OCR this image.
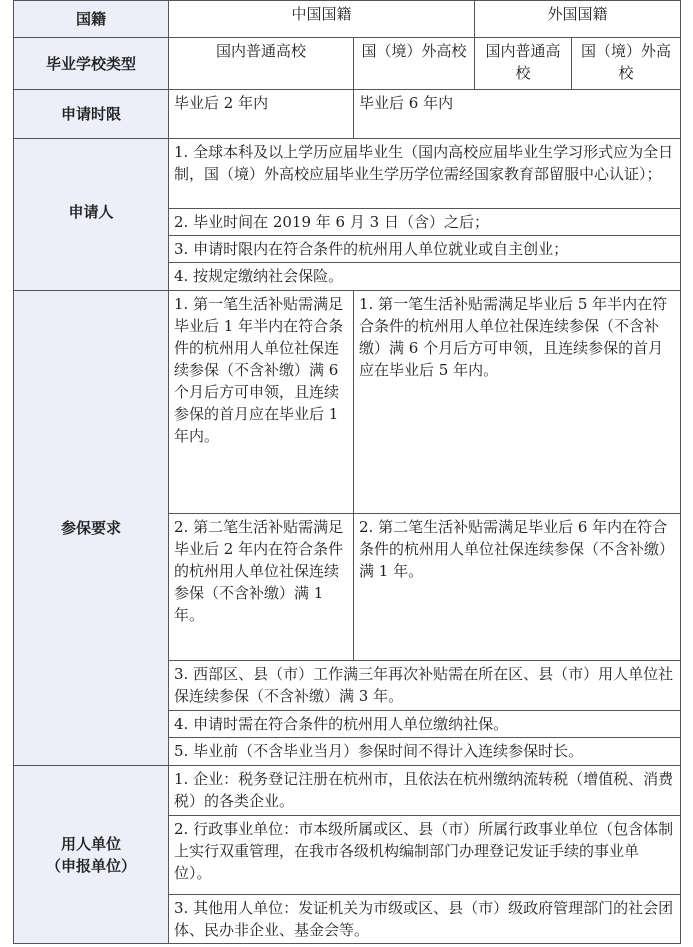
国籍	中国国籍		外国国籍	
毕业学校类型	国内普通高校	国（境）外高校	国内普通高校	国（境）外高校
申请时限	毕业后 2 年内	毕业后 6 年内		
申请人	1. 全球本科及以上学历应届毕业生（国内高校应届毕业生学习形式应为全日制，国（境）外高校应届毕业生学历学位需经国家教育部留服中心认证）；			
	2. 毕业时间在 2019 年 6 月 3 日（含）之后；			
	3. 申请时限内在符合条件的杭州用人单位就业或自主创业；			
	4. 按规定缴纳社会保险。			
参保要求	1. 第一笔生活补贴需满足毕业后 1 年半内在符合条件的杭州用人单位社保连续参保（不含补缴）满 6 个月后方可申领，且连续参保的首月应在毕业后 1 年内。	1. 第一笔生活补贴需满足毕业后 5 年半内在符合条件的杭州用人单位社保连续参保（不含补缴）满 6 个月后方可申领，且连续参保的首月应在毕业后 5 年内。		
	2. 第二笔生活补贴需满足毕业后 2 年内在符合条件的杭州用人单位社保连续参保（不含补缴）满 1 年。	2. 第二笔生活补贴需满足毕业后 6 年内在符合条件的杭州用人单位社保连续参保（不含补缴）满 1 年。		
	3. 西部区、县（市）工作满三年再次补贴需在所在区、县（市）用人单位社保连续参保（不含补缴）满 3 年。			
	4. 申请时需在符合条件的杭州用人单位缴纳社保。			
	5. 毕业前（不含毕业当月）参保时间不得计入连续参保时长。			

用人单位
（申报单位）	1. 企业：税务登记注册在杭州市，且依法在杭州缴纳流转税（增值税、消费税）的各类企业。			
	2. 行政事业单位：市本级所属或区、县（市）所属行政事业单位（包含体制上实行双重管理，在我市各级机构编制部门办理登记发证手续的事业单位）。			
	3. 其他用人单位：发证机关为市级或区、县（市）级政府管理部门的社会团体、民办非企业、基金会等。			
